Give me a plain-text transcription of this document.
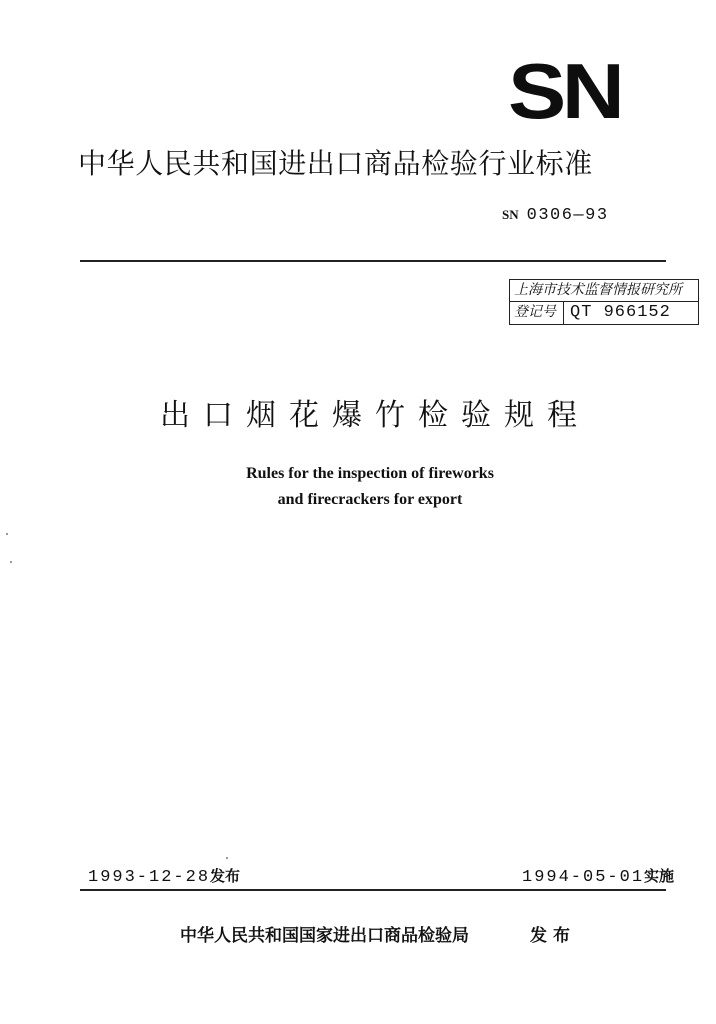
SN
中华人民共和国进出口商品检验行业标准
SN 0306—93
上海市技术监督情报研究所
登记号 QT 966152
出口烟花爆竹检验规程
Rules for the inspection of fireworks
and firecrackers for export
1993-12-28发布	1994-05-01实施
中华人民共和国国家进出口商品检验局	发布
